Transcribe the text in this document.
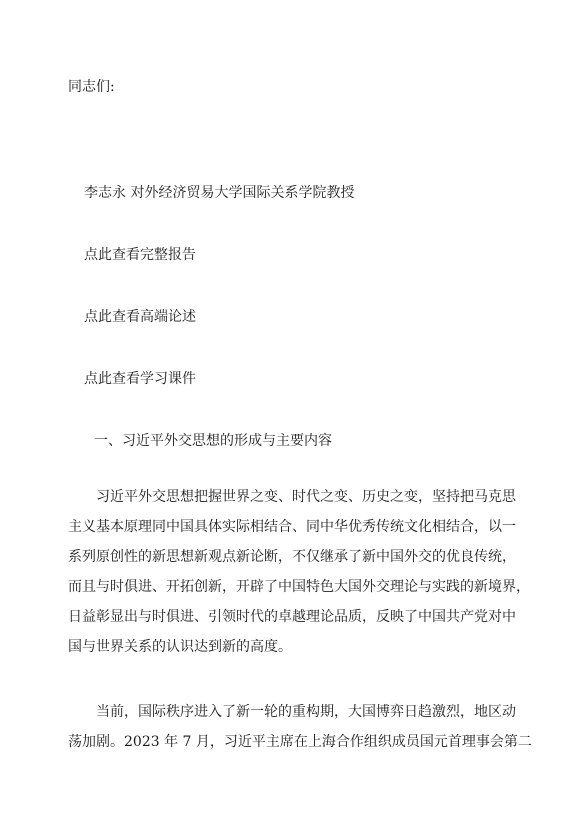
同志们:
李志永 对外经济贸易大学国际关系学院教授
点此查看完整报告
点此查看高端论述
点此查看学习课件
一、习近平外交思想的形成与主要内容
　　习近平外交思想把握世界之变、时代之变、历史之变，坚持把马克思
主义基本原理同中国具体实际相结合、同中华优秀传统文化相结合，以一
系列原创性的新思想新观点新论断，不仅继承了新中国外交的优良传统，
而且与时俱进、开拓创新，开辟了中国特色大国外交理论与实践的新境界，
日益彰显出与时俱进、引领时代的卓越理论品质，反映了中国共产党对中
国与世界关系的认识达到新的高度。
　　当前，国际秩序进入了新一轮的重构期，大国博弈日趋激烈，地区动
荡加剧。2023 年 7 月，习近平主席在上海合作组织成员国元首理事会第二
